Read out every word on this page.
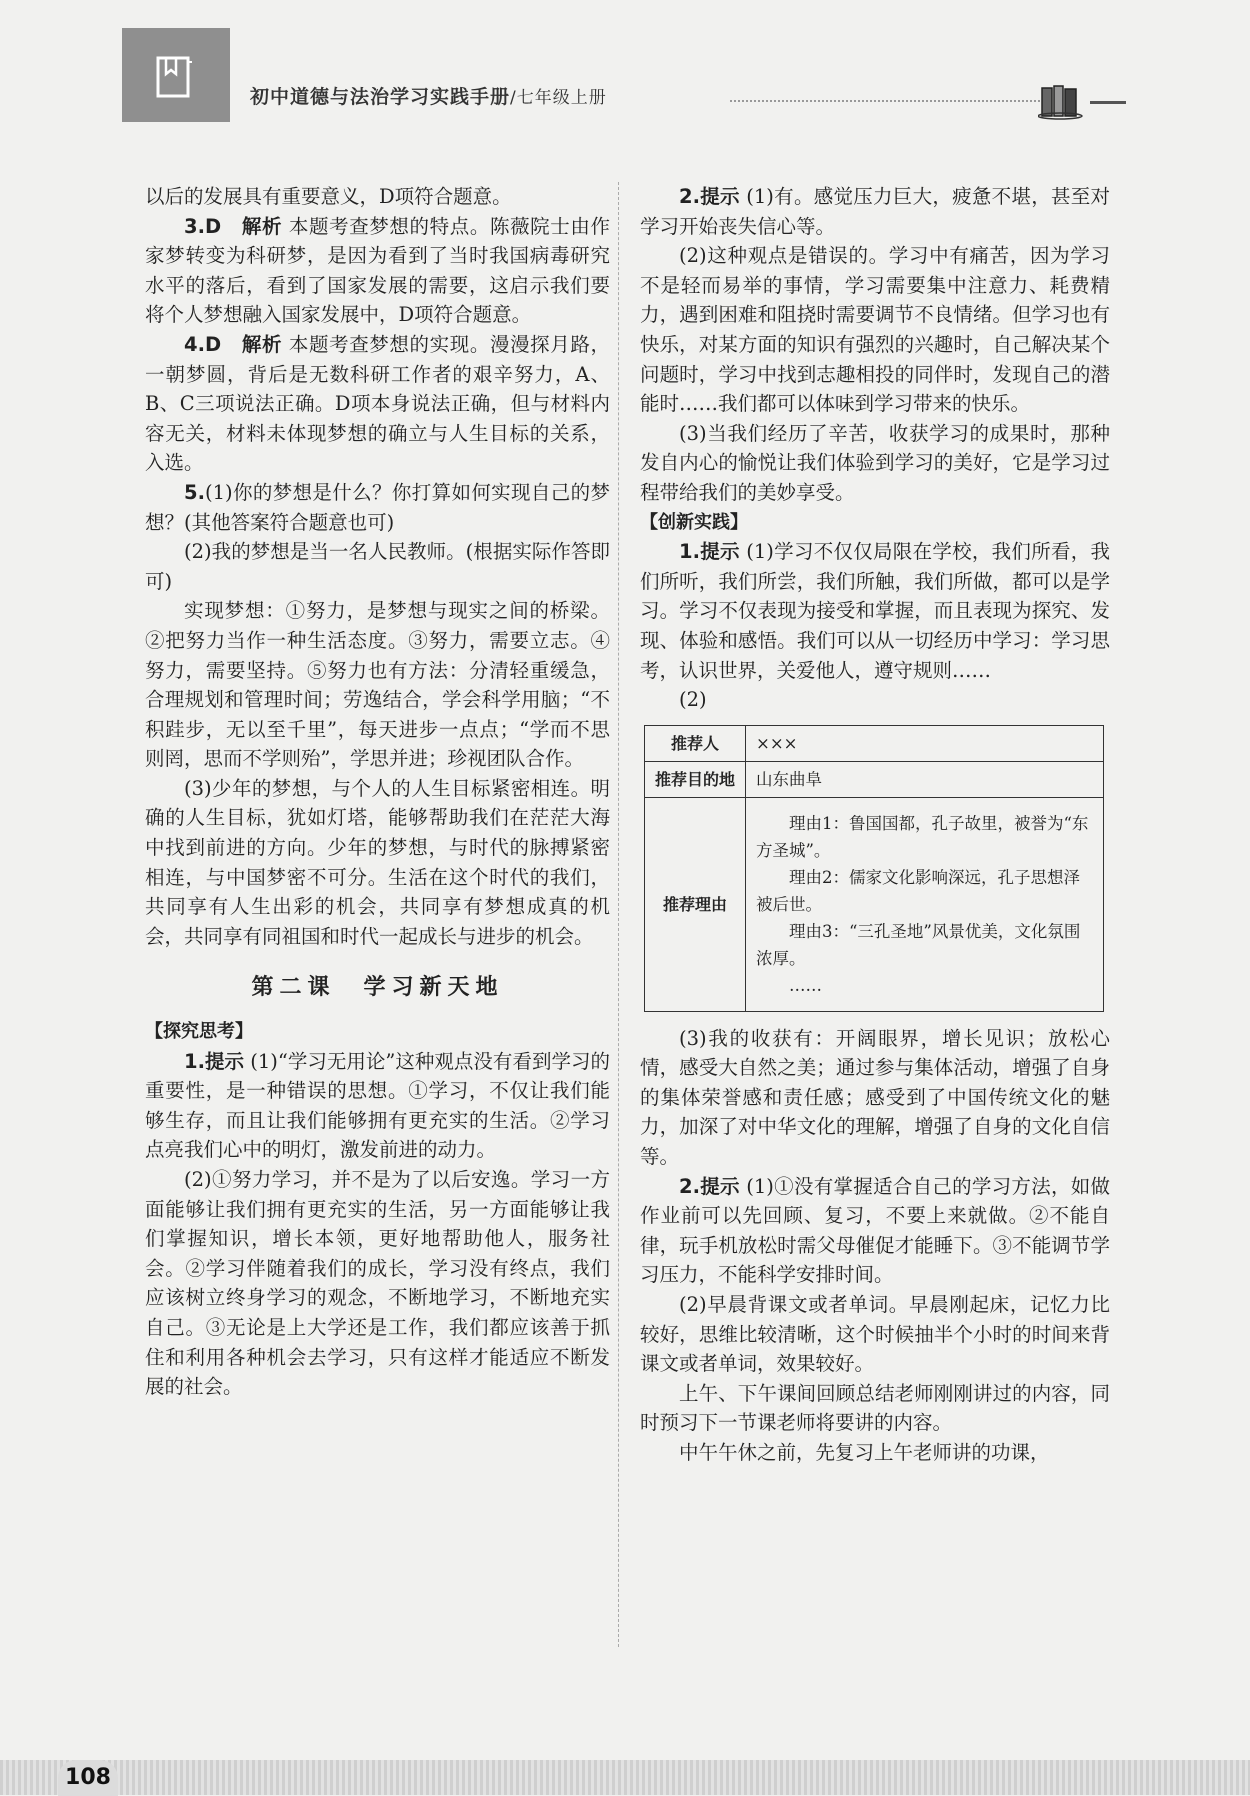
初中道德与法治学习实践手册/七年级上册

以后的发展具有重要意义，D项符合题意。

3.D　解析 本题考查梦想的特点。陈薇院士由作家梦转变为科研梦，是因为看到了当时我国病毒研究水平的落后，看到了国家发展的需要，这启示我们要将个人梦想融入国家发展中，D项符合题意。

4.D　解析 本题考查梦想的实现。漫漫探月路，一朝梦圆，背后是无数科研工作者的艰辛努力，A、B、C三项说法正确。D项本身说法正确，但与材料内容无关，材料未体现梦想的确立与人生目标的关系，入选。

5.(1)你的梦想是什么？你打算如何实现自己的梦想？(其他答案符合题意也可)

(2)我的梦想是当一名人民教师。(根据实际作答即可)

实现梦想：①努力，是梦想与现实之间的桥梁。②把努力当作一种生活态度。③努力，需要立志。④努力，需要坚持。⑤努力也有方法：分清轻重缓急，合理规划和管理时间；劳逸结合，学会科学用脑；“不积跬步，无以至千里”，每天进步一点点；“学而不思则罔，思而不学则殆”，学思并进；珍视团队合作。

(3)少年的梦想，与个人的人生目标紧密相连。明确的人生目标，犹如灯塔，能够帮助我们在茫茫大海中找到前进的方向。少年的梦想，与时代的脉搏紧密相连，与中国梦密不可分。生活在这个时代的我们，共同享有人生出彩的机会，共同享有梦想成真的机会，共同享有同祖国和时代一起成长与进步的机会。

第二课　学习新天地

【探究思考】

1.提示 (1)“学习无用论”这种观点没有看到学习的重要性，是一种错误的思想。①学习，不仅让我们能够生存，而且让我们能够拥有更充实的生活。②学习点亮我们心中的明灯，激发前进的动力。

(2)①努力学习，并不是为了以后安逸。学习一方面能够让我们拥有更充实的生活，另一方面能够让我们掌握知识，增长本领，更好地帮助他人，服务社会。②学习伴随着我们的成长，学习没有终点，我们应该树立终身学习的观念，不断地学习，不断地充实自己。③无论是上大学还是工作，我们都应该善于抓住和利用各种机会去学习，只有这样才能适应不断发展的社会。

2.提示 (1)有。感觉压力巨大，疲惫不堪，甚至对学习开始丧失信心等。

(2)这种观点是错误的。学习中有痛苦，因为学习不是轻而易举的事情，学习需要集中注意力、耗费精力，遇到困难和阻挠时需要调节不良情绪。但学习也有快乐，对某方面的知识有强烈的兴趣时，自己解决某个问题时，学习中找到志趣相投的同伴时，发现自己的潜能时……我们都可以体味到学习带来的快乐。

(3)当我们经历了辛苦，收获学习的成果时，那种发自内心的愉悦让我们体验到学习的美好，它是学习过程带给我们的美妙享受。

【创新实践】

1.提示 (1)学习不仅仅局限在学校，我们所看，我们所听，我们所尝，我们所触，我们所做，都可以是学习。学习不仅表现为接受和掌握，而且表现为探究、发现、体验和感悟。我们可以从一切经历中学习：学习思考，认识世界，关爱他人，遵守规则……

(2)

推荐人	×××
推荐目的地	山东曲阜
推荐理由	理由1：鲁国国都，孔子故里，被誉为“东方圣城”。

理由2：儒家文化影响深远，孔子思想泽被后世。

理由3：“三孔圣地”风景优美，文化氛围浓厚。

……

(3)我的收获有：开阔眼界，增长见识；放松心情，感受大自然之美；通过参与集体活动，增强了自身的集体荣誉感和责任感；感受到了中国传统文化的魅力，加深了对中华文化的理解，增强了自身的文化自信等。

2.提示 (1)①没有掌握适合自己的学习方法，如做作业前可以先回顾、复习，不要上来就做。②不能自律，玩手机放松时需父母催促才能睡下。③不能调节学习压力，不能科学安排时间。

(2)早晨背课文或者单词。早晨刚起床，记忆力比较好，思维比较清晰，这个时候抽半个小时的时间来背课文或者单词，效果较好。

上午、下午课间回顾总结老师刚刚讲过的内容，同时预习下一节课老师将要讲的内容。

中午午休之前，先复习上午老师讲的功课，

108
